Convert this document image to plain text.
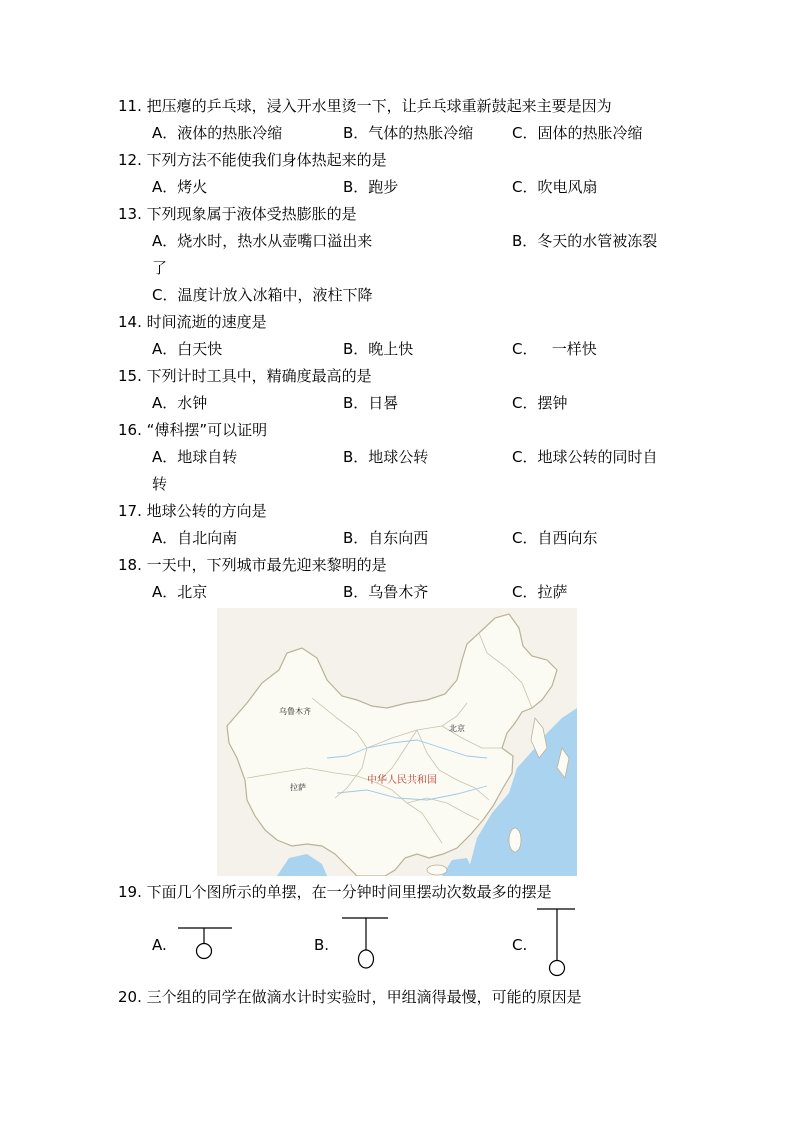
11. 把压瘪的乒乓球，浸入开水里烫一下，让乒乓球重新鼓起来主要是因为
A．液体的热胀冷缩	B．气体的热胀冷缩	C．固体的热胀冷缩
12. 下列方法不能使我们身体热起来的是
A．烤火	B．跑步	C．吹电风扇
13. 下列现象属于液体受热膨胀的是
A．烧水时，热水从壶嘴口溢出来	B．冬天的水管被冻裂
了
C．温度计放入冰箱中，液柱下降
14. 时间流逝的速度是
A．白天快	B．晚上快	C．   一样快
15. 下列计时工具中，精确度最高的是
A．水钟	B．日晷	C．摆钟
16. “傅科摆”可以证明
A．地球自转	B．地球公转	C．地球公转的同时自
转
17. 地球公转的方向是
A．自北向南	B．自东向西	C．自西向东
18. 一天中，下列城市最先迎来黎明的是
A．北京	B．乌鲁木齐	C．拉萨
乌鲁木齐
北京
拉萨
中华人民共和国
19. 下面几个图所示的单摆，在一分钟时间里摆动次数最多的摆是
A.	B.	C.
20. 三个组的同学在做滴水计时实验时，甲组滴得最慢，可能的原因是
